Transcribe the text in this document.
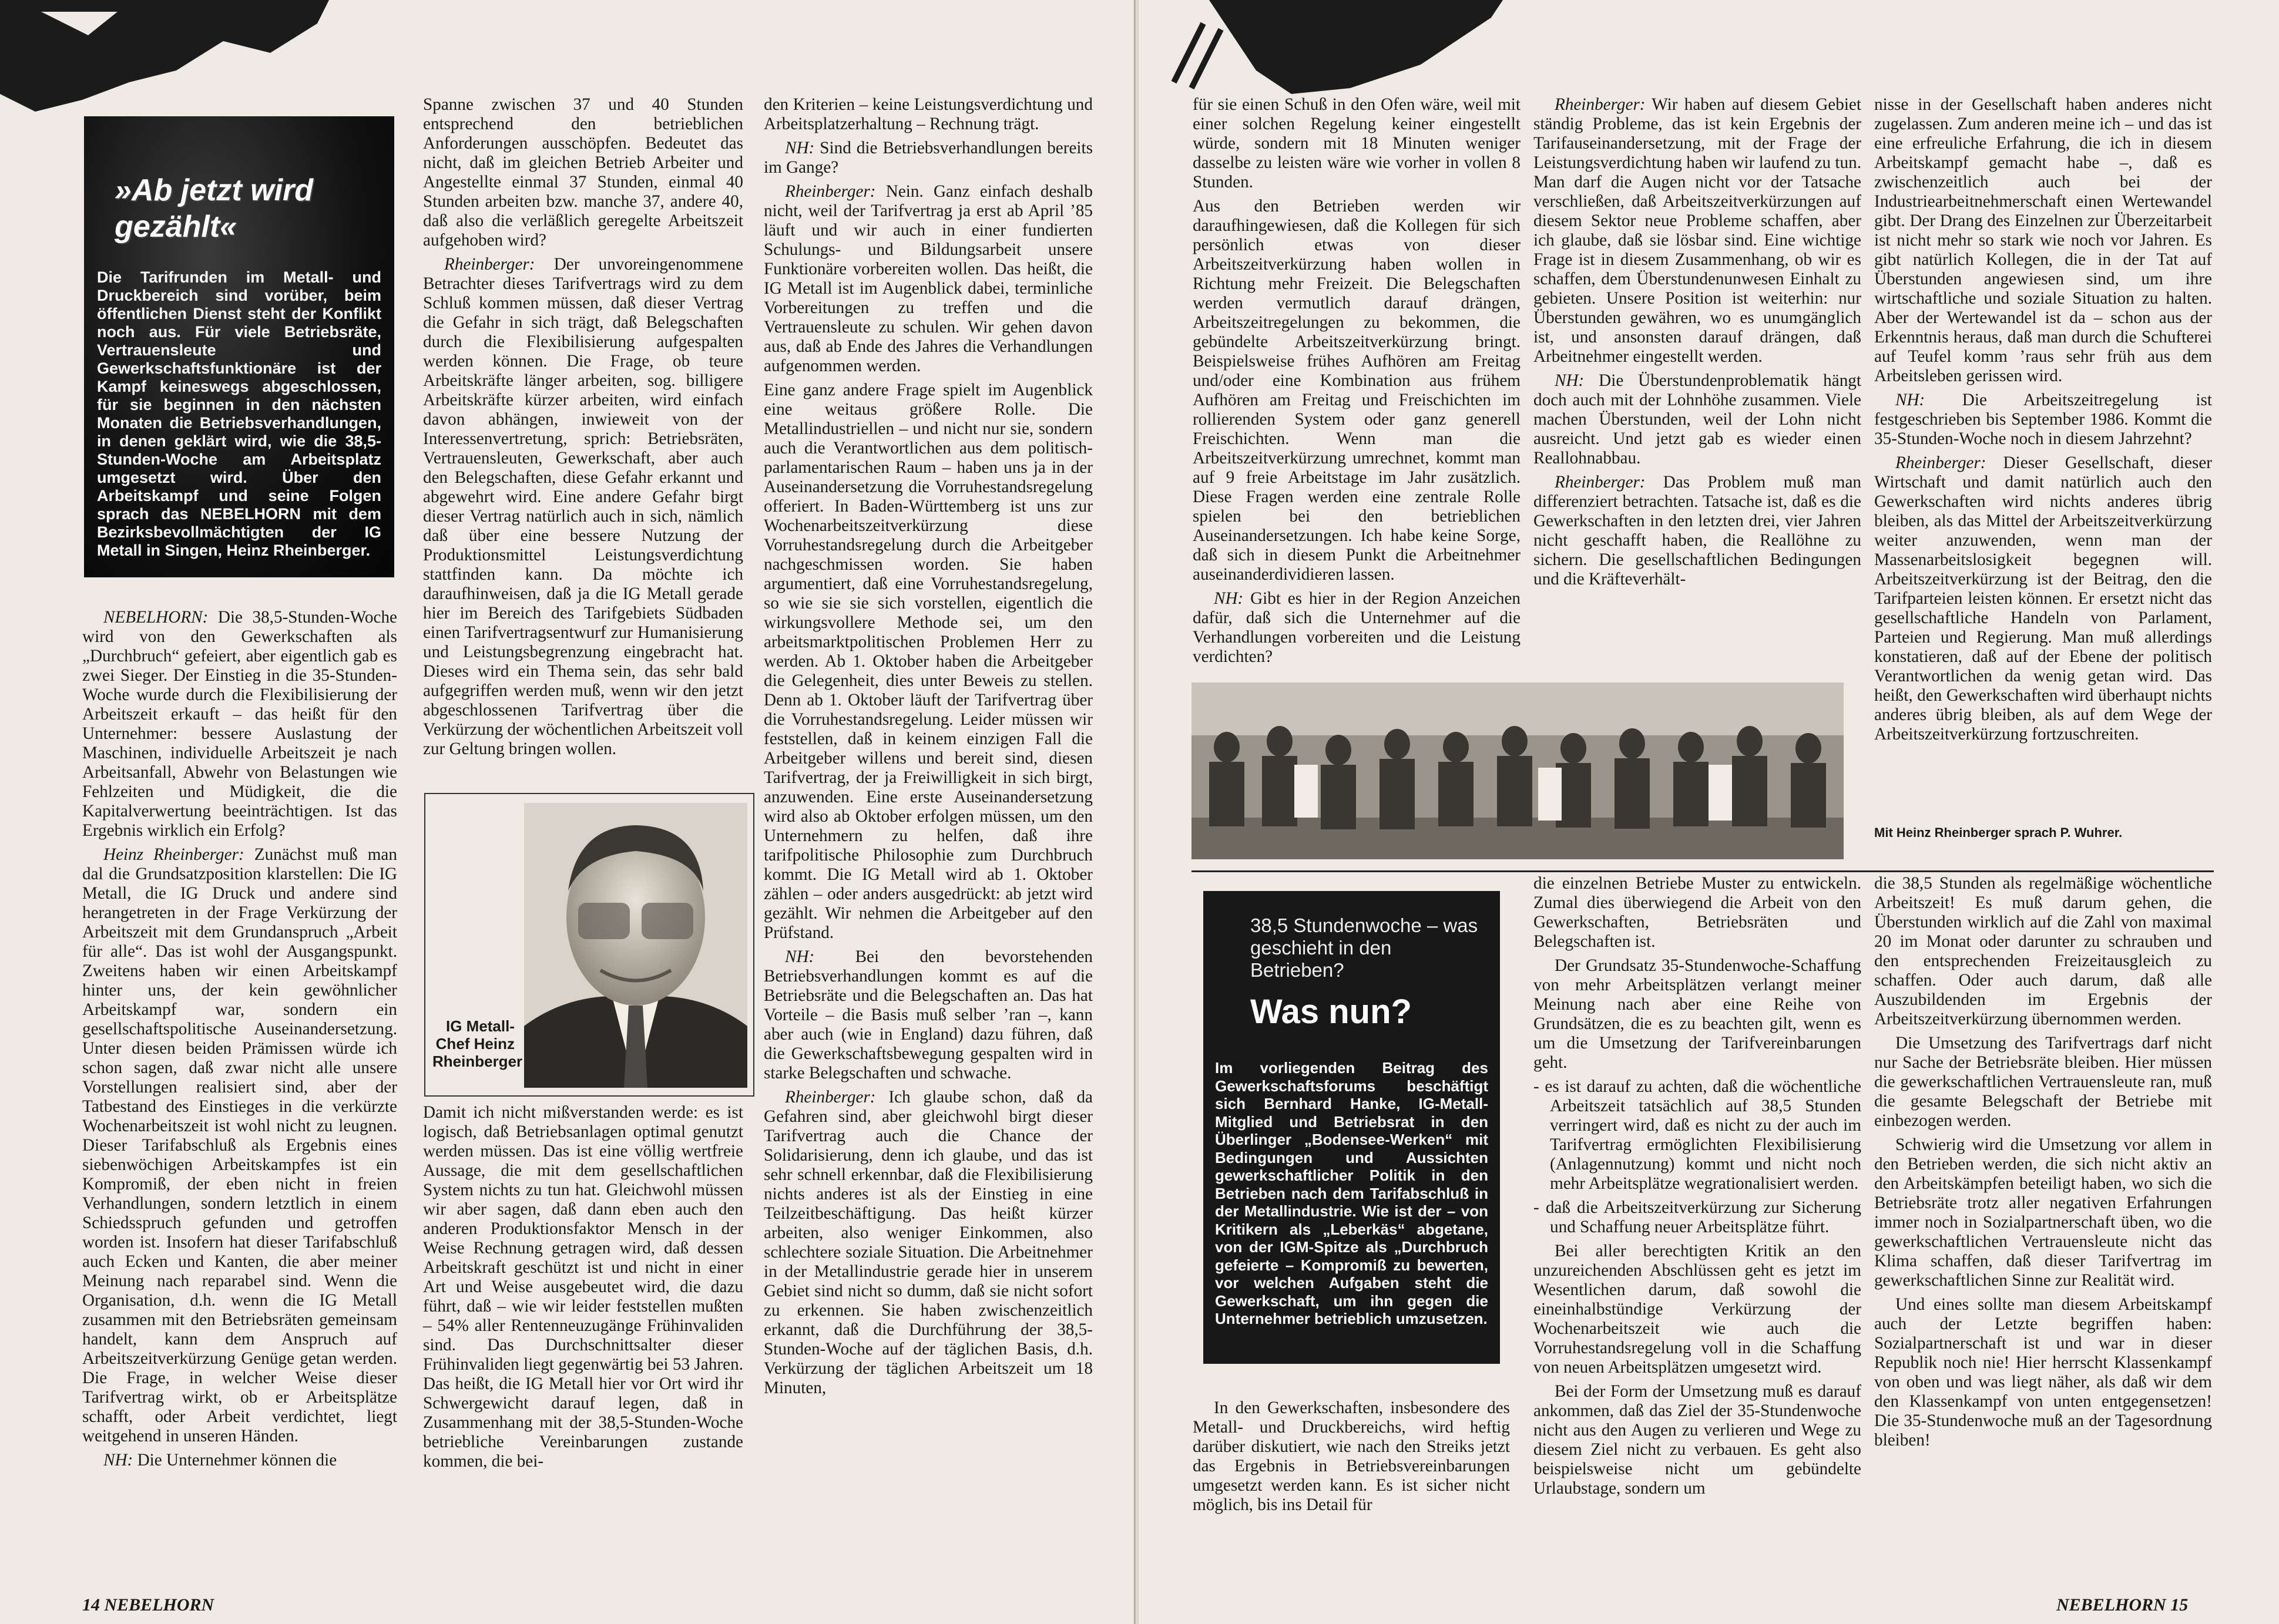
»Ab jetzt wird gezählt«

Die Tarifrunden im Metall- und Druckbereich sind vorüber, beim öffentlichen Dienst steht der Konflikt noch aus. Für viele Betriebsräte, Vertrauensleute und Gewerkschaftsfunktionäre ist der Kampf keineswegs abgeschlossen, für sie beginnen in den nächsten Monaten die Betriebsverhandlungen, in denen geklärt wird, wie die 38,5-Stunden-Woche am Arbeitsplatz umgesetzt wird. Über den Arbeitskampf und seine Folgen sprach das NEBELHORN mit dem Bezirksbevollmächtigten der IG Metall in Singen, Heinz Rheinberger.

NEBELHORN: Die 38,5-Stunden-Woche wird von den Gewerkschaften als „Durchbruch“ gefeiert, aber eigentlich gab es zwei Sieger. Der Einstieg in die 35-Stunden-Woche wurde durch die Flexibilisierung der Arbeitszeit erkauft – das heißt für den Unternehmer: bessere Auslastung der Maschinen, individuelle Arbeitszeit je nach Arbeitsanfall, Abwehr von Belastungen wie Fehlzeiten und Müdigkeit, die die Kapitalverwertung beeinträchtigen. Ist das Ergebnis wirklich ein Erfolg?

Heinz Rheinberger: Zunächst muß man dal die Grundsatzposition klarstellen: Die IG Metall, die IG Druck und andere sind herangetreten in der Frage Verkürzung der Arbeitszeit mit dem Grundanspruch „Arbeit für alle“. Das ist wohl der Ausgangspunkt. Zweitens haben wir einen Arbeitskampf hinter uns, der kein gewöhnlicher Arbeitskampf war, sondern ein gesellschaftspolitische Auseinandersetzung. Unter diesen beiden Prämissen würde ich schon sagen, daß zwar nicht alle unsere Vorstellungen realisiert sind, aber der Tatbestand des Einstieges in die verkürzte Wochenarbeitszeit ist wohl nicht zu leugnen. Dieser Tarifabschluß als Ergebnis eines siebenwöchigen Arbeitskampfes ist ein Kompromiß, der eben nicht in freien Verhandlungen, sondern letztlich in einem Schiedsspruch gefunden und getroffen worden ist. Insofern hat dieser Tarifabschluß auch Ecken und Kanten, die aber meiner Meinung nach reparabel sind. Wenn die Organisation, d.h. wenn die IG Metall zusammen mit den Betriebsräten gemeinsam handelt, kann dem Anspruch auf Arbeitszeitverkürzung Genüge getan werden. Die Frage, in welcher Weise dieser Tarifvertrag wirkt, ob er Arbeitsplätze schafft, oder Arbeit verdichtet, liegt weitgehend in unseren Händen.

NH: Die Unternehmer können die

Spanne zwischen 37 und 40 Stunden entsprechend den betrieblichen Anforderungen ausschöpfen. Bedeutet das nicht, daß im gleichen Betrieb Arbeiter und Angestellte einmal 37 Stunden, einmal 40 Stunden arbeiten bzw. manche 37, andere 40, daß also die verläßlich geregelte Arbeitszeit aufgehoben wird?

Rheinberger: Der unvoreingenommene Betrachter dieses Tarifvertrags wird zu dem Schluß kommen müssen, daß dieser Vertrag die Gefahr in sich trägt, daß Belegschaften durch die Flexibilisierung aufgespalten werden können. Die Frage, ob teure Arbeitskräfte länger arbeiten, sog. billigere Arbeitskräfte kürzer arbeiten, wird einfach davon abhängen, inwieweit von der Interessenvertretung, sprich: Betriebsräten, Vertrauensleuten, Gewerkschaft, aber auch den Belegschaften, diese Gefahr erkannt und abgewehrt wird. Eine andere Gefahr birgt dieser Vertrag natürlich auch in sich, nämlich daß über eine bessere Nutzung der Produktionsmittel Leistungsverdichtung stattfinden kann. Da möchte ich daraufhinweisen, daß ja die IG Metall gerade hier im Bereich des Tarifgebiets Südbaden einen Tarifvertragsentwurf zur Humanisierung und Leistungsbegrenzung eingebracht hat. Dieses wird ein Thema sein, das sehr bald aufgegriffen werden muß, wenn wir den jetzt abgeschlossenen Tarifvertrag über die Verkürzung der wöchentlichen Arbeitszeit voll zur Geltung bringen wollen.

IG Metall-Chef Heinz Rheinberger

Damit ich nicht mißverstanden werde: es ist logisch, daß Betriebsanlagen optimal genutzt werden müssen. Das ist eine völlig wertfreie Aussage, die mit dem gesellschaftlichen System nichts zu tun hat. Gleichwohl müssen wir aber sagen, daß dann eben auch den anderen Produktionsfaktor Mensch in der Weise Rechnung getragen wird, daß dessen Arbeitskraft geschützt ist und nicht in einer Art und Weise ausgebeutet wird, die dazu führt, daß – wie wir leider feststellen mußten – 54% aller Rentenneuzugänge Frühinvaliden sind. Das Durchschnittsalter dieser Frühinvaliden liegt gegenwärtig bei 53 Jahren. Das heißt, die IG Metall hier vor Ort wird ihr Schwergewicht darauf legen, daß in Zusammenhang mit der 38,5-Stunden-Woche betriebliche Vereinbarungen zustande kommen, die bei-

den Kriterien – keine Leistungsverdichtung und Arbeitsplatzerhaltung – Rechnung trägt.

NH: Sind die Betriebsverhandlungen bereits im Gange?

Rheinberger: Nein. Ganz einfach deshalb nicht, weil der Tarifvertrag ja erst ab April ’85 läuft und wir auch in einer fundierten Schulungs- und Bildungsarbeit unsere Funktionäre vorbereiten wollen. Das heißt, die IG Metall ist im Augenblick dabei, terminliche Vorbereitungen zu treffen und die Vertrauensleute zu schulen. Wir gehen davon aus, daß ab Ende des Jahres die Verhandlungen aufgenommen werden.

Eine ganz andere Frage spielt im Augenblick eine weitaus größere Rolle. Die Metallindustriellen – und nicht nur sie, sondern auch die Verantwortlichen aus dem politisch-parlamentarischen Raum – haben uns ja in der Auseinandersetzung die Vorruhestandsregelung offeriert. In Baden-Württemberg ist uns zur Wochenarbeitszeitverkürzung diese Vorruhestandsregelung durch die Arbeitgeber nachgeschmissen worden. Sie haben argumentiert, daß eine Vorruhestandsregelung, so wie sie sie sich vorstellen, eigentlich die wirkungsvollere Methode sei, um den arbeitsmarktpolitischen Problemen Herr zu werden. Ab 1. Oktober haben die Arbeitgeber die Gelegenheit, dies unter Beweis zu stellen. Denn ab 1. Oktober läuft der Tarifvertrag über die Vorruhestandsregelung. Leider müssen wir feststellen, daß in keinem einzigen Fall die Arbeitgeber willens und bereit sind, diesen Tarifvertrag, der ja Freiwilligkeit in sich birgt, anzuwenden. Eine erste Auseinandersetzung wird also ab Oktober erfolgen müssen, um den Unternehmern zu helfen, daß ihre tarifpolitische Philosophie zum Durchbruch kommt. Die IG Metall wird ab 1. Oktober zählen – oder anders ausgedrückt: ab jetzt wird gezählt. Wir nehmen die Arbeitgeber auf den Prüfstand.

NH: Bei den bevorstehenden Betriebsverhandlungen kommt es auf die Betriebsräte und die Belegschaften an. Das hat Vorteile – die Basis muß selber ’ran –, kann aber auch (wie in England) dazu führen, daß die Gewerkschaftsbewegung gespalten wird in starke Belegschaften und schwache.

Rheinberger: Ich glaube schon, daß da Gefahren sind, aber gleichwohl birgt dieser Tarifvertrag auch die Chance der Solidarisierung, denn ich glaube, und das ist sehr schnell erkennbar, daß die Flexibilisierung nichts anderes ist als der Einstieg in eine Teilzeitbeschäftigung. Das heißt kürzer arbeiten, also weniger Einkommen, also schlechtere soziale Situation. Die Arbeitnehmer in der Metallindustrie gerade hier in unserem Gebiet sind nicht so dumm, daß sie nicht sofort zu erkennen. Sie haben zwischenzeitlich erkannt, daß die Durchführung der 38,5-Stunden-Woche auf der täglichen Basis, d.h. Verkürzung der täglichen Arbeitszeit um 18 Minuten,

14 NEBELHORN

für sie einen Schuß in den Ofen wäre, weil mit einer solchen Regelung keiner eingestellt würde, sondern mit 18 Minuten weniger dasselbe zu leisten wäre wie vorher in vollen 8 Stunden.

Aus den Betrieben werden wir daraufhingewiesen, daß die Kollegen für sich persönlich etwas von dieser Arbeitszeitverkürzung haben wollen in Richtung mehr Freizeit. Die Belegschaften werden vermutlich darauf drängen, Arbeitszeitregelungen zu bekommen, die gebündelte Arbeitszeitverkürzung bringt. Beispielsweise frühes Aufhören am Freitag und/oder eine Kombination aus frühem Aufhören am Freitag und Freischichten im rollierenden System oder ganz generell Freischichten. Wenn man die Arbeitszeitverkürzung umrechnet, kommt man auf 9 freie Arbeitstage im Jahr zusätzlich. Diese Fragen werden eine zentrale Rolle spielen bei den betrieblichen Auseinandersetzungen. Ich habe keine Sorge, daß sich in diesem Punkt die Arbeitnehmer auseinanderdividieren lassen.

NH: Gibt es hier in der Region Anzeichen dafür, daß sich die Unternehmer auf die Verhandlungen vorbereiten und die Leistung verdichten?

Rheinberger: Wir haben auf diesem Gebiet ständig Probleme, das ist kein Ergebnis der Tarifauseinandersetzung, mit der Frage der Leistungsverdichtung haben wir laufend zu tun. Man darf die Augen nicht vor der Tatsache verschließen, daß Arbeitszeitverkürzungen auf diesem Sektor neue Probleme schaffen, aber ich glaube, daß sie lösbar sind. Eine wichtige Frage ist in diesem Zusammenhang, ob wir es schaffen, dem Überstundenunwesen Einhalt zu gebieten. Unsere Position ist weiterhin: nur Überstunden gewähren, wo es unumgänglich ist, und ansonsten darauf drängen, daß Arbeitnehmer eingestellt werden.

NH: Die Überstundenproblematik hängt doch auch mit der Lohnhöhe zusammen. Viele machen Überstunden, weil der Lohn nicht ausreicht. Und jetzt gab es wieder einen Reallohnabbau.

Rheinberger: Das Problem muß man differenziert betrachten. Tatsache ist, daß es die Gewerkschaften in den letzten drei, vier Jahren nicht geschafft haben, die Reallöhne zu sichern. Die gesellschaftlichen Bedingungen und die Kräfteverhält-

nisse in der Gesellschaft haben anderes nicht zugelassen. Zum anderen meine ich – und das ist eine erfreuliche Erfahrung, die ich in diesem Arbeitskampf gemacht habe –, daß es zwischenzeitlich auch bei der Industriearbeitnehmerschaft einen Wertewandel gibt. Der Drang des Einzelnen zur Überzeitarbeit ist nicht mehr so stark wie noch vor Jahren. Es gibt natürlich Kollegen, die in der Tat auf Überstunden angewiesen sind, um ihre wirtschaftliche und soziale Situation zu halten. Aber der Wertewandel ist da – schon aus der Erkenntnis heraus, daß man durch die Schufterei auf Teufel komm ’raus sehr früh aus dem Arbeitsleben gerissen wird.

NH: Die Arbeitszeitregelung ist festgeschrieben bis September 1986. Kommt die 35-Stunden-Woche noch in diesem Jahrzehnt?

Rheinberger: Dieser Gesellschaft, dieser Wirtschaft und damit natürlich auch den Gewerkschaften wird nichts anderes übrig bleiben, als das Mittel der Arbeitszeitverkürzung weiter anzuwenden, wenn man der Massenarbeitslosigkeit begegnen will. Arbeitszeitverkürzung ist der Beitrag, den die Tarifparteien leisten können. Er ersetzt nicht das gesellschaftliche Handeln von Parlament, Parteien und Regierung. Man muß allerdings konstatieren, daß auf der Ebene der politisch Verantwortlichen da wenig getan wird. Das heißt, den Gewerkschaften wird überhaupt nichts anderes übrig bleiben, als auf dem Wege der Arbeitszeitverkürzung fortzuschreiten.

Mit Heinz Rheinberger sprach P. Wuhrer.
38,5 Stundenwoche – was geschieht in den Betrieben?
Was nun?

Im vorliegenden Beitrag des Gewerkschaftsforums beschäftigt sich Bernhard Hanke, IG-Metall-Mitglied und Betriebsrat in den Überlinger „Bodensee-Werken“ mit Bedingungen und Aussichten gewerkschaftlicher Politik in den Betrieben nach dem Tarifabschluß in der Metallindustrie. Wie ist der – von Kritikern als „Leberkäs“ abgetane, von der IGM-Spitze als „Durchbruch gefeierte – Kompromiß zu bewerten, vor welchen Aufgaben steht die Gewerkschaft, um ihn gegen die Unternehmer betrieblich umzusetzen.

In den Gewerkschaften, insbesondere des Metall- und Druckbereichs, wird heftig darüber diskutiert, wie nach den Streiks jetzt das Ergebnis in Betriebsvereinbarungen umgesetzt werden kann. Es ist sicher nicht möglich, bis ins Detail für

die einzelnen Betriebe Muster zu entwickeln. Zumal dies überwiegend die Arbeit von den Gewerkschaften, Betriebsräten und Belegschaften ist.

Der Grundsatz 35-Stundenwoche-Schaffung von mehr Arbeitsplätzen verlangt meiner Meinung nach aber eine Reihe von Grundsätzen, die es zu beachten gilt, wenn es um die Umsetzung der Tarifvereinbarungen geht.

- es ist darauf zu achten, daß die wöchentliche Arbeitszeit tatsächlich auf 38,5 Stunden verringert wird, daß es nicht zu der auch im Tarifvertrag ermöglichten Flexibilisierung (Anlagennutzung) kommt und nicht noch mehr Arbeitsplätze wegrationalisiert werden.

- daß die Arbeitszeitverkürzung zur Sicherung und Schaffung neuer Arbeitsplätze führt.

Bei aller berechtigten Kritik an den unzureichenden Abschlüssen geht es jetzt im Wesentlichen darum, daß sowohl die eineinhalbstündige Verkürzung der Wochenarbeitszeit wie auch die Vorruhestandsregelung voll in die Schaffung von neuen Arbeitsplätzen umgesetzt wird.

Bei der Form der Umsetzung muß es darauf ankommen, daß das Ziel der 35-Stundenwoche nicht aus den Augen zu verlieren und Wege zu diesem Ziel nicht zu verbauen. Es geht also beispielsweise nicht um gebündelte Urlaubstage, sondern um

die 38,5 Stunden als regelmäßige wöchentliche Arbeitszeit! Es muß darum gehen, die Überstunden wirklich auf die Zahl von maximal 20 im Monat oder darunter zu schrauben und den entsprechenden Freizeitausgleich zu schaffen. Oder auch darum, daß alle Auszubildenden im Ergebnis der Arbeitszeitverkürzung übernommen werden.

Die Umsetzung des Tarifvertrags darf nicht nur Sache der Betriebsräte bleiben. Hier müssen die gewerkschaftlichen Vertrauensleute ran, muß die gesamte Belegschaft der Betriebe mit einbezogen werden.

Schwierig wird die Umsetzung vor allem in den Betrieben werden, die sich nicht aktiv an den Arbeitskämpfen beteiligt haben, wo sich die Betriebsräte trotz aller negativen Erfahrungen immer noch in Sozialpartnerschaft üben, wo die gewerkschaftlichen Vertrauensleute nicht das Klima schaffen, daß dieser Tarifvertrag im gewerkschaftlichen Sinne zur Realität wird.

Und eines sollte man diesem Arbeitskampf auch der Letzte begriffen haben: Sozialpartnerschaft ist und war in dieser Republik noch nie! Hier herrscht Klassenkampf von oben und was liegt näher, als daß wir dem den Klassenkampf von unten entgegensetzen! Die 35-Stundenwoche muß an der Tagesordnung bleiben!

NEBELHORN 15
